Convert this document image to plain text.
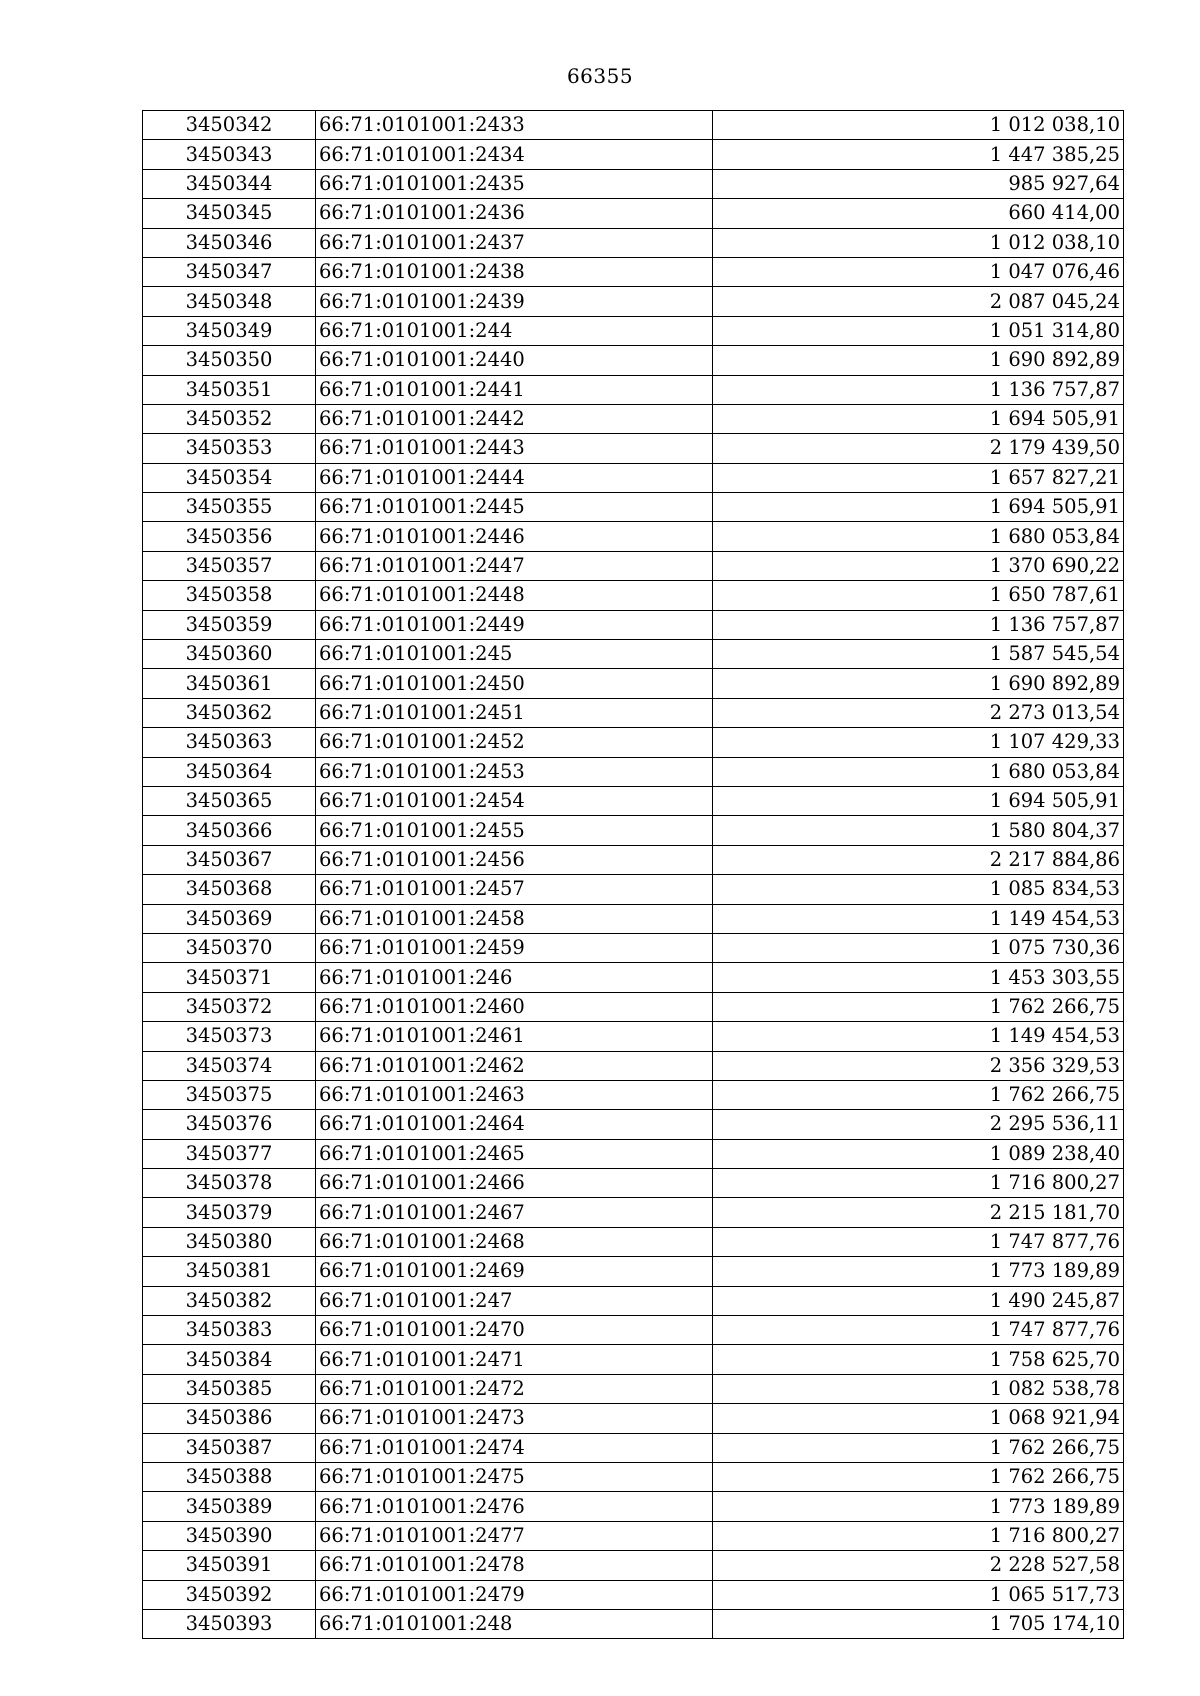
66355
3450342	66:71:0101001:2433	1 012 038,10
3450343	66:71:0101001:2434	1 447 385,25
3450344	66:71:0101001:2435	985 927,64
3450345	66:71:0101001:2436	660 414,00
3450346	66:71:0101001:2437	1 012 038,10
3450347	66:71:0101001:2438	1 047 076,46
3450348	66:71:0101001:2439	2 087 045,24
3450349	66:71:0101001:244	1 051 314,80
3450350	66:71:0101001:2440	1 690 892,89
3450351	66:71:0101001:2441	1 136 757,87
3450352	66:71:0101001:2442	1 694 505,91
3450353	66:71:0101001:2443	2 179 439,50
3450354	66:71:0101001:2444	1 657 827,21
3450355	66:71:0101001:2445	1 694 505,91
3450356	66:71:0101001:2446	1 680 053,84
3450357	66:71:0101001:2447	1 370 690,22
3450358	66:71:0101001:2448	1 650 787,61
3450359	66:71:0101001:2449	1 136 757,87
3450360	66:71:0101001:245	1 587 545,54
3450361	66:71:0101001:2450	1 690 892,89
3450362	66:71:0101001:2451	2 273 013,54
3450363	66:71:0101001:2452	1 107 429,33
3450364	66:71:0101001:2453	1 680 053,84
3450365	66:71:0101001:2454	1 694 505,91
3450366	66:71:0101001:2455	1 580 804,37
3450367	66:71:0101001:2456	2 217 884,86
3450368	66:71:0101001:2457	1 085 834,53
3450369	66:71:0101001:2458	1 149 454,53
3450370	66:71:0101001:2459	1 075 730,36
3450371	66:71:0101001:246	1 453 303,55
3450372	66:71:0101001:2460	1 762 266,75
3450373	66:71:0101001:2461	1 149 454,53
3450374	66:71:0101001:2462	2 356 329,53
3450375	66:71:0101001:2463	1 762 266,75
3450376	66:71:0101001:2464	2 295 536,11
3450377	66:71:0101001:2465	1 089 238,40
3450378	66:71:0101001:2466	1 716 800,27
3450379	66:71:0101001:2467	2 215 181,70
3450380	66:71:0101001:2468	1 747 877,76
3450381	66:71:0101001:2469	1 773 189,89
3450382	66:71:0101001:247	1 490 245,87
3450383	66:71:0101001:2470	1 747 877,76
3450384	66:71:0101001:2471	1 758 625,70
3450385	66:71:0101001:2472	1 082 538,78
3450386	66:71:0101001:2473	1 068 921,94
3450387	66:71:0101001:2474	1 762 266,75
3450388	66:71:0101001:2475	1 762 266,75
3450389	66:71:0101001:2476	1 773 189,89
3450390	66:71:0101001:2477	1 716 800,27
3450391	66:71:0101001:2478	2 228 527,58
3450392	66:71:0101001:2479	1 065 517,73
3450393	66:71:0101001:248	1 705 174,10
